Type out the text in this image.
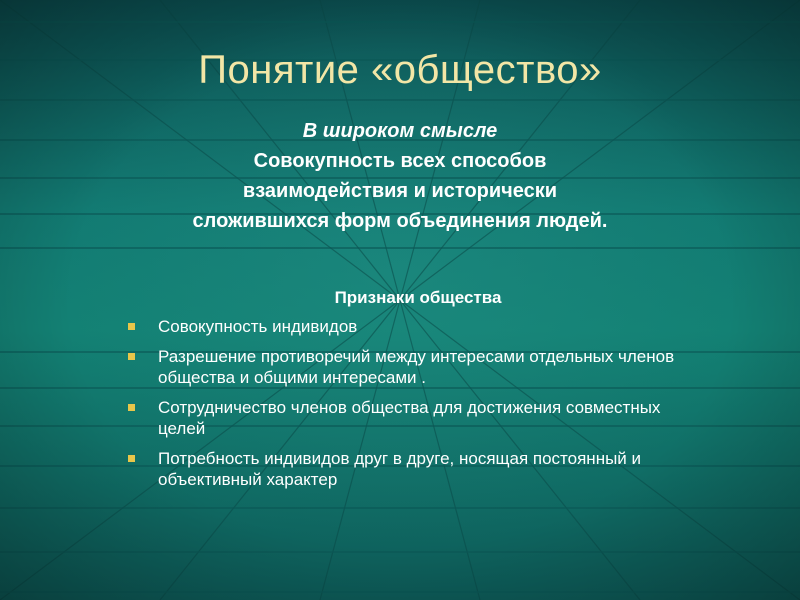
Понятие «общество»
В широком смысле
Совокупность всех способов
взаимодействия и исторически
сложившихся форм объединения людей.
Признаки общества
Совокупность индивидов
Разрешение противоречий между интересами отдельных членов общества и общими интересами .
Сотрудничество членов общества для достижения совместных целей
Потребность индивидов друг в друге, носящая постоянный и объективный характер
